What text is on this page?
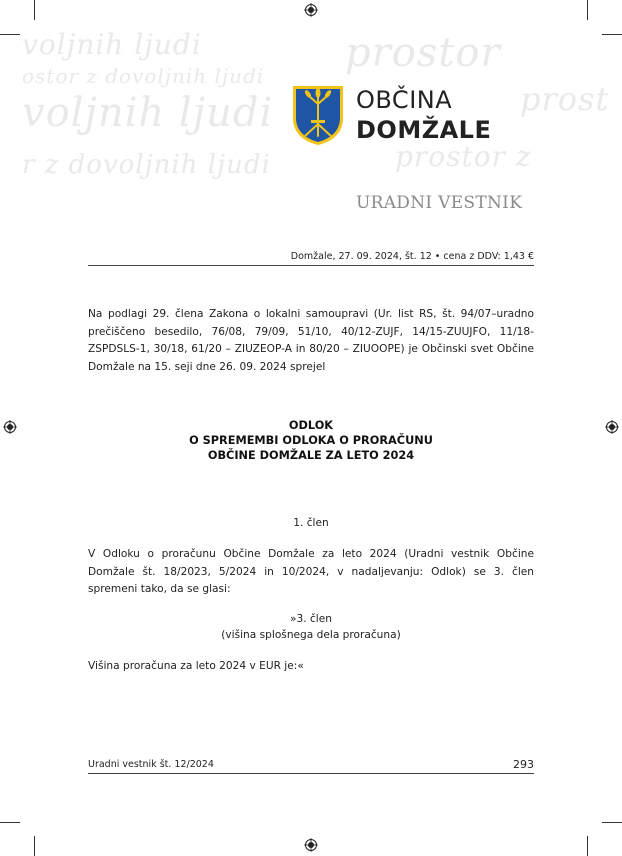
voljnih ljudi	prostor
ostor z dovoljnih ljudi
voljnih ljudi	prost
r z dovoljnih ljudi	prostor z
OBČINA
DOMŽALE
URADNI VESTNIK
Domžale, 27. 09. 2024, št. 12 • cena z DDV: 1,43 €
Na podlagi 29. člena Zakona o lokalni samoupravi (Ur. list RS, št. 94/07–uradno prečiščeno besedilo, 76/08, 79/09, 51/10, 40/12-ZUJF, 14/15-ZUUJFO, 11/18-ZSPDSLS-1, 30/18, 61/20 – ZIUZEOP-A in 80/20 – ZIUOOPE) je Občinski svet Občine Domžale na 15. seji dne 26. 09. 2024 sprejel
ODLOK
O SPREMEMBI ODLOKA O PRORAČUNU
OBČINE DOMŽALE ZA LETO 2024
1. člen
V Odloku o proračunu Občine Domžale za leto 2024 (Uradni vestnik Občine Domžale št. 18/2023, 5/2024 in 10/2024, v nadaljevanju: Odlok) se 3. člen spremeni tako, da se glasi:
»3. člen
(višina splošnega dela proračuna)
Višina proračuna za leto 2024 v EUR je:«
Uradni vestnik št. 12/2024	293
